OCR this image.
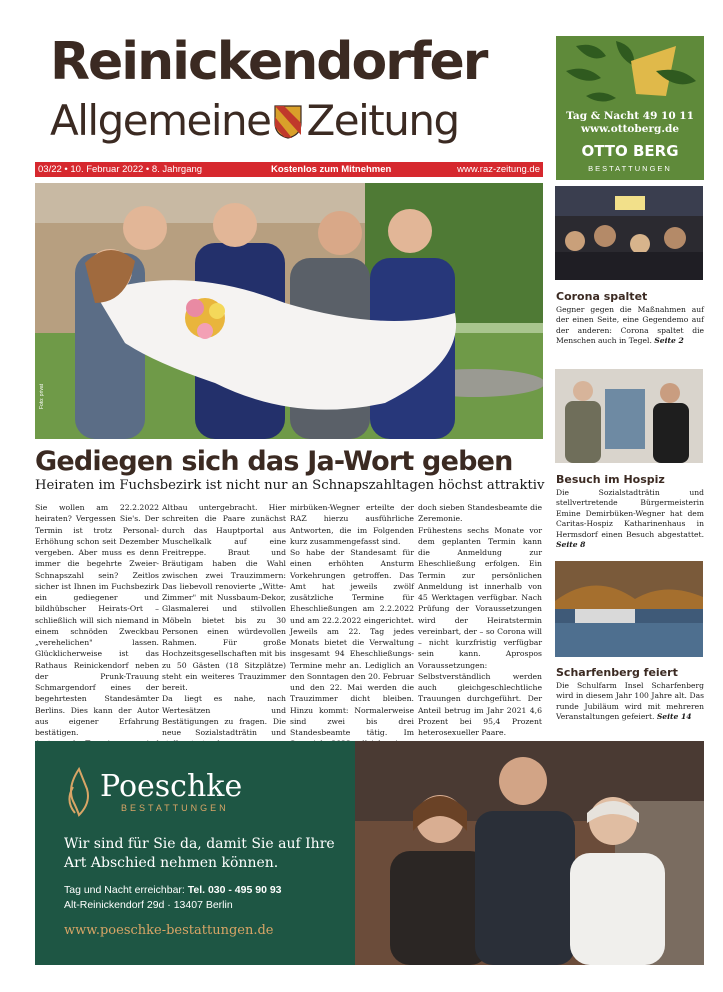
Reinickendorfer
Allgemeine Zeitung	Tag & Nacht 49 10 11
www.ottoberg.de
OTTO BERG
BESTATTUNGEN
03/22 • 10. Februar 2022 • 8. Jahrgang	Kostenlos zum Mitnehmen	www.raz-zeitung.de
Foto: privat
Gediegen sich das Ja-Wort geben
Heiraten im Fuchsbezirk ist nicht nur an Schnapszahltagen höchst attraktiv
Sie wollen am 22.2.2022 heiraten? Vergessen Sie's. Der Termin ist trotz Personal-Erhöhung schon seit Dezember vergeben. Aber muss es denn immer die begehrte Zweier-Schnapszahl sein? Zeitlos sicher ist Ihnen im Fuchsbezirk ein gediegener und bildhübscher Heirats-Ort – schließlich will sich niemand in einem schnöden Zweckbau „verehelichen" lassen. Glücklicherweise ist das Rathaus Reinickendorf neben der Prunk-Trauung Schmargendorf eines der begehrtesten Standesämter Berlins. Dies kann der Autor aus eigener Erfahrung bestätigen.

Altbau untergebracht. Hier schreiten die Paare zunächst durch das Hauptportal aus Muschelkalk auf eine Freitreppe. Braut und Bräutigam haben die Wahl zwischen zwei Trauzimmern: Das liebevoll renovierte „Witte-Zimmer" mit Nussbaum-Dekor, Glasmalerei und stilvollen Möbeln bietet bis zu 30 Personen einen würdevollen Rahmen. Für große Hochzeitsgesellschaften mit bis zu 50 Gästen (18 Sitzplätze) steht ein weiteres Trauzimmer bereit.
Da liegt es nahe, nach Wertesätzen und Bestätigungen zu fragen. Die neue Sozialstadträtin und
mirbüken-Wegner erteilte der RAZ hierzu ausführliche Antworten, die im Folgenden kurz zusammengefasst sind.
So habe der Standesamt für einen erhöhten Ansturm Vorkehrungen getroffen. Das Amt hat jeweils zwölf zusätzliche Termine für Eheschließungen am 2.2.2022 und am 22.2.2022 eingerichtet. Jeweils am 22. Tag jedes Monats bietet die Verwaltung insgesamt 94 Eheschließungs-Termine mehr an. Lediglich an den Sonntagen den 20. Februar und den 22. Mai werden die Trauzimmer dicht bleiben. Hinzu kommt: Normalerweise sind zwei bis drei Standesbeamte tätig. Im
doch sieben Standesbeamte die Zeremonie.
Frühestens sechs Monate vor dem geplanten Termin kann die Anmeldung zur Eheschließung erfolgen. Ein Termin zur persönlichen Anmeldung ist innerhalb von 45 Werktagen verfügbar. Nach Prüfung der Voraussetzungen wird der Heiratstermin vereinbart, der – so Corona will – nicht kurzfristig verfügbar sein kann. Aprospos Voraussetzungen: Selbstverständlich werden auch gleichgeschlechtliche Trauungen durchgeführt. Der Anteil betrug im Jahr 2021 4,6 Prozent bei 95,4 Prozent heterosexueller Paare.

Corona spaltet
Gegner gegen die Maßnahmen auf der einen Seite, eine Gegendemo auf der anderen: Corona spaltet die Menschen auch in Tegel. Seite 2
Besuch im Hospiz
Die Sozialstadträtin und stellvertretende Bürgermeisterin Emine Demirbüken-Wegner hat dem Caritas-Hospiz Katharinenhaus in Hermsdorf einen Besuch abgestattet. Seite 8
Scharfenberg feiert
Die Schulfarm Insel Scharfenberg wird in diesem Jahr 100 Jahre alt. Das runde Jubiläum wird mit mehreren Veranstaltungen gefeiert. Seite 14
Poeschke
BESTATTUNGEN
Wir sind für Sie da, damit Sie auf Ihre Art Abschied nehmen können.
Tag und Nacht erreichbar: Tel. 030 - 495 90 93
Alt-Reinickendorf 29d · 13407 Berlin
www.poeschke-bestattungen.de
